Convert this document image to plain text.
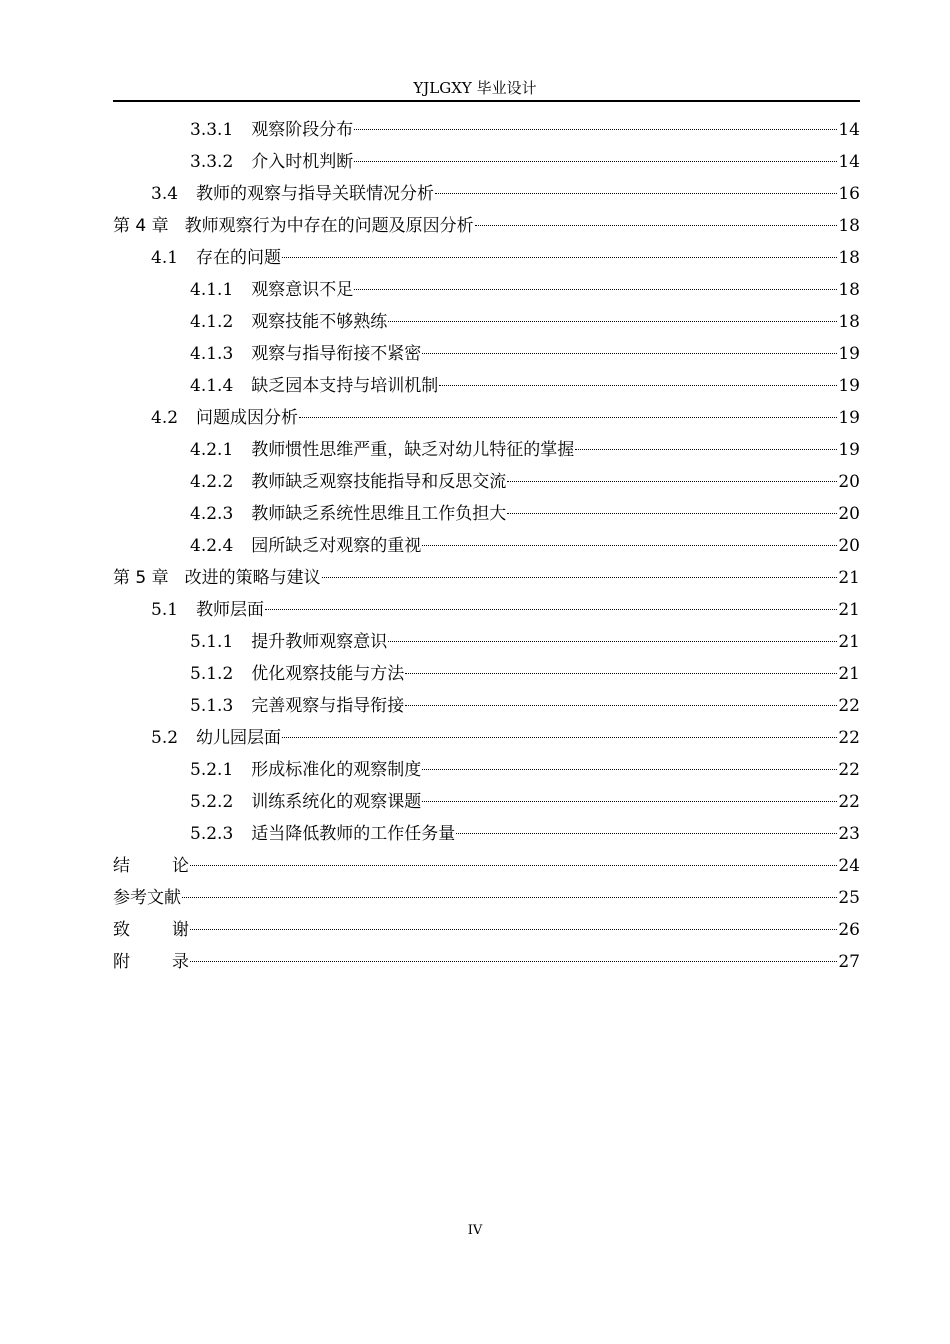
YJLGXY 毕业设计
3.3.1 观察阶段分布	14
3.3.2 介入时机判断	14
3.4 教师的观察与指导关联情况分析	16
第 4 章 教师观察行为中存在的问题及原因分析	18
4.1 存在的问题	18
4.1.1 观察意识不足	18
4.1.2 观察技能不够熟练	18
4.1.3 观察与指导衔接不紧密	19
4.1.4 缺乏园本支持与培训机制	19
4.2 问题成因分析	19
4.2.1 教师惯性思维严重，缺乏对幼儿特征的掌握	19
4.2.2 教师缺乏观察技能指导和反思交流	20
4.2.3 教师缺乏系统性思维且工作负担大	20
4.2.4 园所缺乏对观察的重视	20
第 5 章 改进的策略与建议	21
5.1 教师层面	21
5.1.1 提升教师观察意识	21
5.1.2 优化观察技能与方法	21
5.1.3 完善观察与指导衔接	22
5.2 幼儿园层面	22
5.2.1 形成标准化的观察制度	22
5.2.2 训练系统化的观察课题	22
5.2.3 适当降低教师的工作任务量	23
结 论	24
参考文献	25
致 谢	26
附 录	27
IV
